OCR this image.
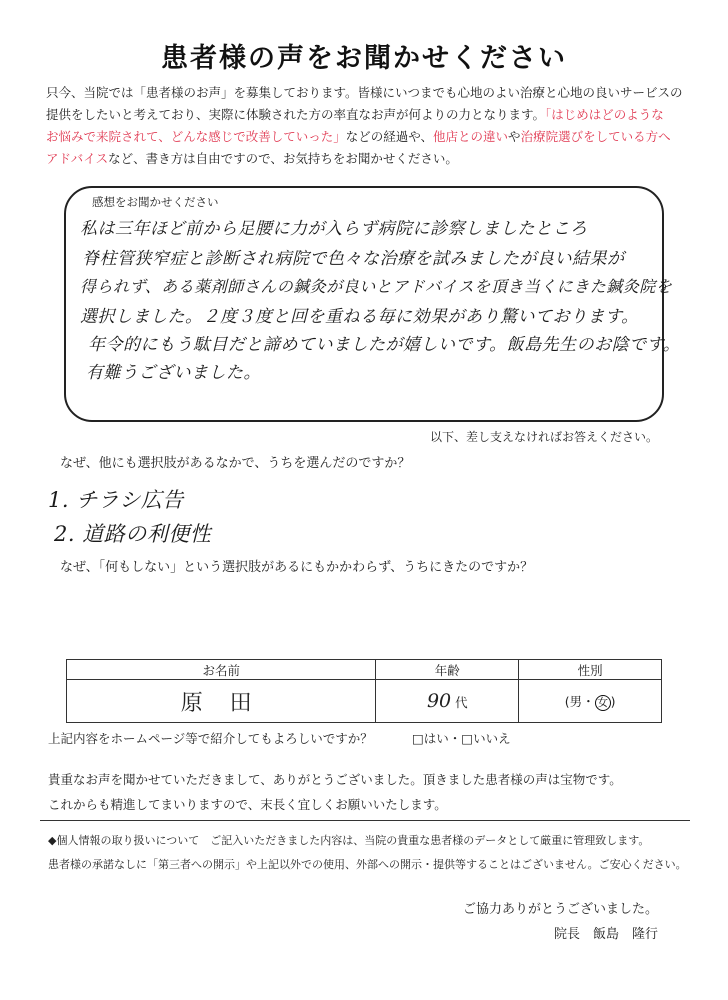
患者様の声をお聞かせください
只今、当院では「患者様のお声」を募集しております。皆様にいつまでも心地のよい治療と心地の良いサービスの
提供をしたいと考えており、実際に体験された方の率直なお声が何よりの力となります。「はじめはどのような
お悩みで来院されて、どんな感じで改善していった」などの経過や、他店との違いや治療院選びをしている方へ
アドバイスなど、書き方は自由ですので、お気持ちをお聞かせください。
感想をお聞かせください
私は三年ほど前から足腰に力が入らず病院に診察しましたところ
脊柱管狭窄症と診断され病院で色々な治療を試みましたが良い結果が
得られず、ある薬剤師さんの鍼灸が良いとアドバイスを頂き当くにきた鍼灸院を
選択しました。２度３度と回を重ねる毎に効果があり驚いております。
年令的にもう駄目だと諦めていましたが嬉しいです。飯島先生のお陰です。
有難うございました。
以下、差し支えなければお答えください。
なぜ、他にも選択肢があるなかで、うちを選んだのですか？
1. チラシ広告
2. 道路の利便性
なぜ、「何もしない」という選択肢があるにもかかわらず、うちにきたのですか？
お名前	年齢	性別
原 田	90 代	(男・ 女 )
上記内容をホームページ等で紹介してもよろしいですか？	□はい・□いいえ
貴重なお声を聞かせていただきまして、ありがとうございました。頂きました患者様の声は宝物です。
これからも精進してまいりますので、末長く宜しくお願いいたします。
◆個人情報の取り扱いについて　ご記入いただきました内容は、当院の貴重な患者様のデータとして厳重に管理致します。
患者様の承諾なしに「第三者への開示」や上記以外での使用、外部への開示・提供等することはございません。ご安心ください。
ご協力ありがとうございました。
院長　飯島　隆行
